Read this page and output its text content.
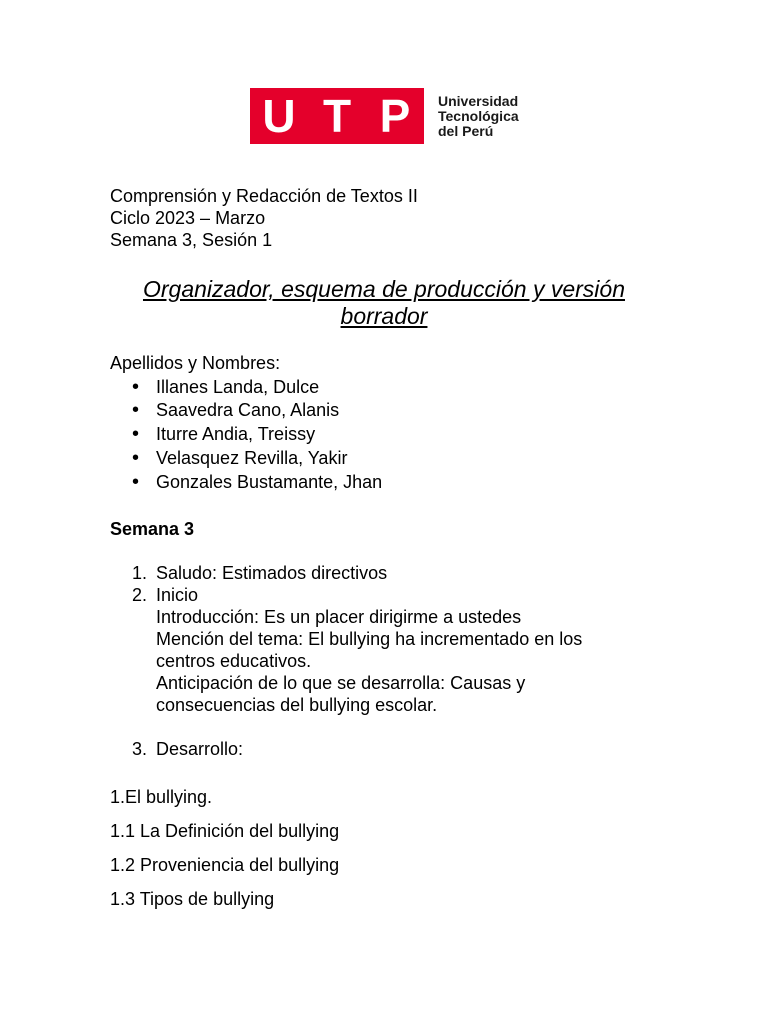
U T P	Universidad
Tecnológica
del Perú
Comprensión y Redacción de Textos II
Ciclo 2023 – Marzo
Semana 3, Sesión 1
Organizador, esquema de producción y versión
borrador
Apellidos y Nombres:
• Illanes Landa, Dulce
• Saavedra Cano, Alanis
• Iturre Andia, Treissy
• Velasquez Revilla, Yakir
• Gonzales Bustamante, Jhan
Semana 3
1. Saludo: Estimados directivos
2. Inicio
Introducción: Es un placer dirigirme a ustedes
Mención del tema: El bullying ha incrementado en los
centros educativos.
Anticipación de lo que se desarrolla: Causas y
consecuencias del bullying escolar.
3. Desarrollo:
1.El bullying.
1.1 La Definición del bullying
1.2 Proveniencia del bullying
1.3 Tipos de bullying
